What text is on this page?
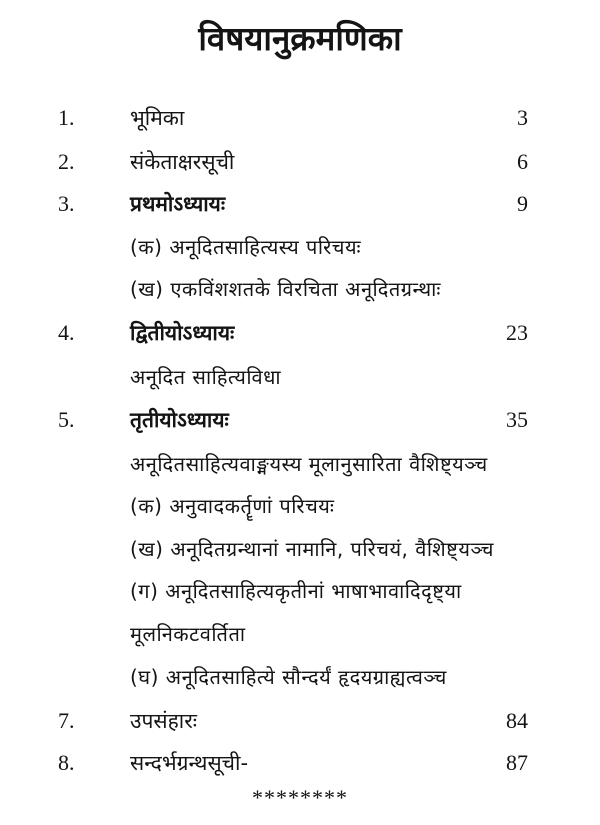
विषयानुक्रमणिका
1.	भूमिका	3
2.	संकेताक्षरसूची	6
3.	प्रथमोऽध्यायः	9
(क) अनूदितसाहित्यस्य परिचयः
(ख) एकविंशशतके विरचिता अनूदितग्रन्थाः
4.	द्वितीयोऽध्यायः	23
अनूदित साहित्यविधा
5.	तृतीयोऽध्यायः	35
अनूदितसाहित्यवाङ्मयस्य मूलानुसारिता वैशिष्ट्यञ्च
(क) अनुवादकर्तॄणां परिचयः
(ख) अनूदितग्रन्थानां नामानि, परिचयं, वैशिष्ट्यञ्च
(ग) अनूदितसाहित्यकृतीनां भाषाभावादिदृष्ट्या
मूलनिकटवर्तिता
(घ) अनूदितसाहित्ये सौन्दर्यं हृदयग्राह्यत्वञ्च
7.	उपसंहारः	84
8.	सन्दर्भग्रन्थसूची-	87
********
